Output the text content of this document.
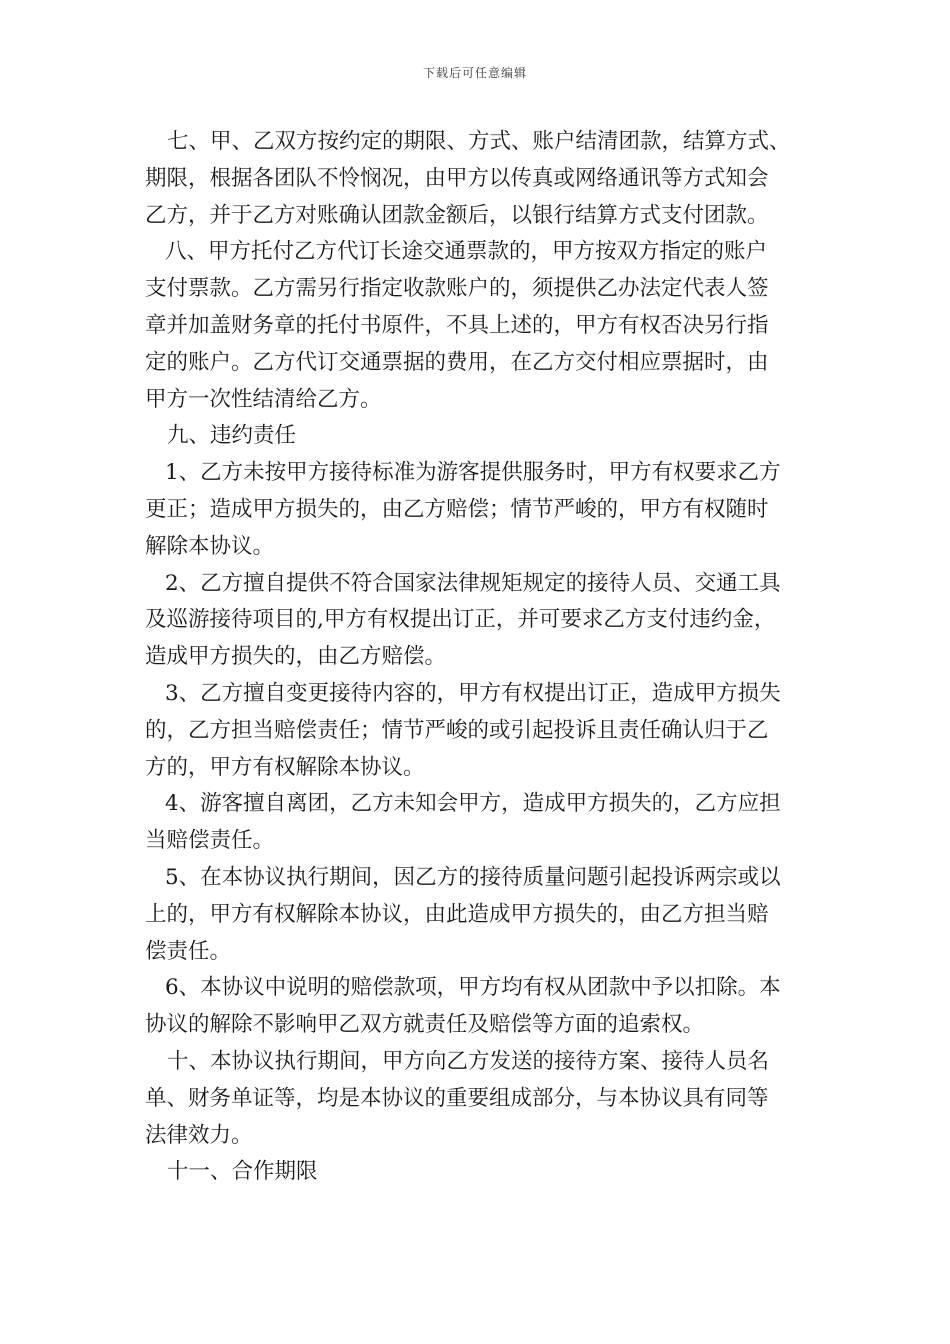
下载后可任意编辑

七、甲、乙双方按约定的期限、方式、账户结清团款，结算方式、
期限，根据各团队不怜悯况，由甲方以传真或网络通讯等方式知会
乙方，并于乙方对账确认团款金额后，以银行结算方式支付团款。

八、甲方托付乙方代订长途交通票款的，甲方按双方指定的账户
支付票款。乙方需另行指定收款账户的，须提供乙办法定代表人签
章并加盖财务章的托付书原件，不具上述的，甲方有权否决另行指
定的账户。乙方代订交通票据的费用，在乙方交付相应票据时，由
甲方一次性结清给乙方。

九、违约责任

1、乙方未按甲方接待标准为游客提供服务时，甲方有权要求乙方
更正；造成甲方损失的，由乙方赔偿；情节严峻的，甲方有权随时
解除本协议。

2、乙方擅自提供不符合国家法律规矩规定的接待人员、交通工具
及巡游接待项目的,甲方有权提出订正，并可要求乙方支付违约金，
造成甲方损失的，由乙方赔偿。

3、乙方擅自变更接待内容的，甲方有权提出订正，造成甲方损失
的，乙方担当赔偿责任；情节严峻的或引起投诉且责任确认归于乙
方的，甲方有权解除本协议。

4、游客擅自离团，乙方未知会甲方，造成甲方损失的，乙方应担
当赔偿责任。

5、在本协议执行期间，因乙方的接待质量问题引起投诉两宗或以
上的，甲方有权解除本协议，由此造成甲方损失的，由乙方担当赔
偿责任。

6、本协议中说明的赔偿款项，甲方均有权从团款中予以扣除。本
协议的解除不影响甲乙双方就责任及赔偿等方面的追索权。

十、本协议执行期间，甲方向乙方发送的接待方案、接待人员名
单、财务单证等，均是本协议的重要组成部分，与本协议具有同等
法律效力。

十一、合作期限
